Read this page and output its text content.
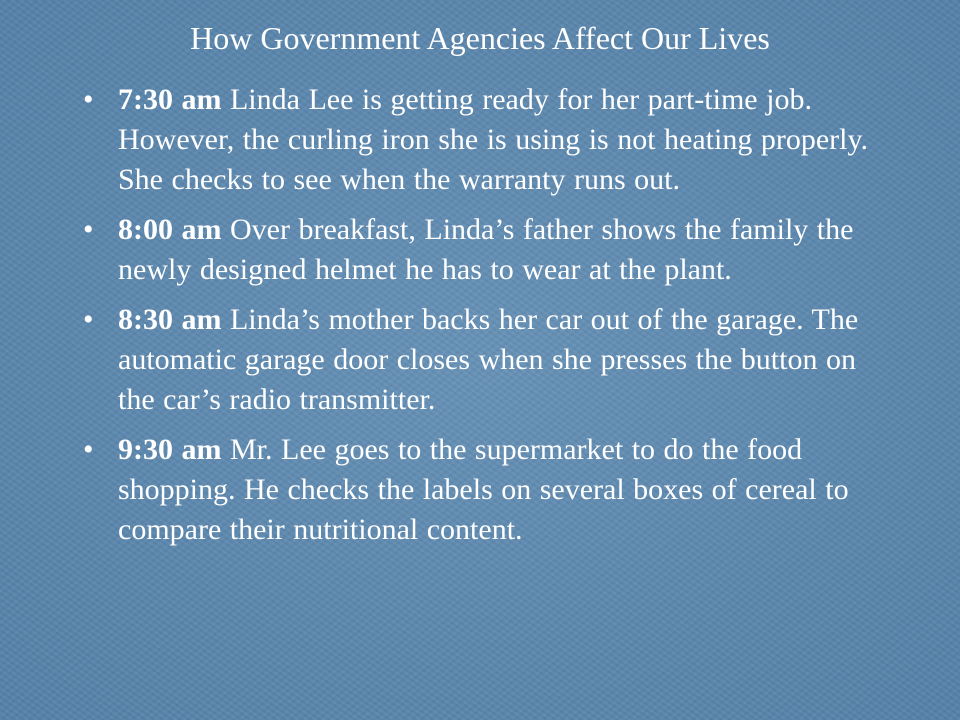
How Government Agencies Affect Our Lives
• 7:30 am Linda Lee is getting ready for her part-time job. However, the curling iron she is using is not heating properly. She checks to see when the warranty runs out.
• 8:00 am Over breakfast, Linda’s father shows the family the newly designed helmet he has to wear at the plant.
• 8:30 am Linda’s mother backs her car out of the garage. The automatic garage door closes when she presses the button on the car’s radio transmitter.
• 9:30 am Mr. Lee goes to the supermarket to do the food shopping. He checks the labels on several boxes of cereal to compare their nutritional content.
